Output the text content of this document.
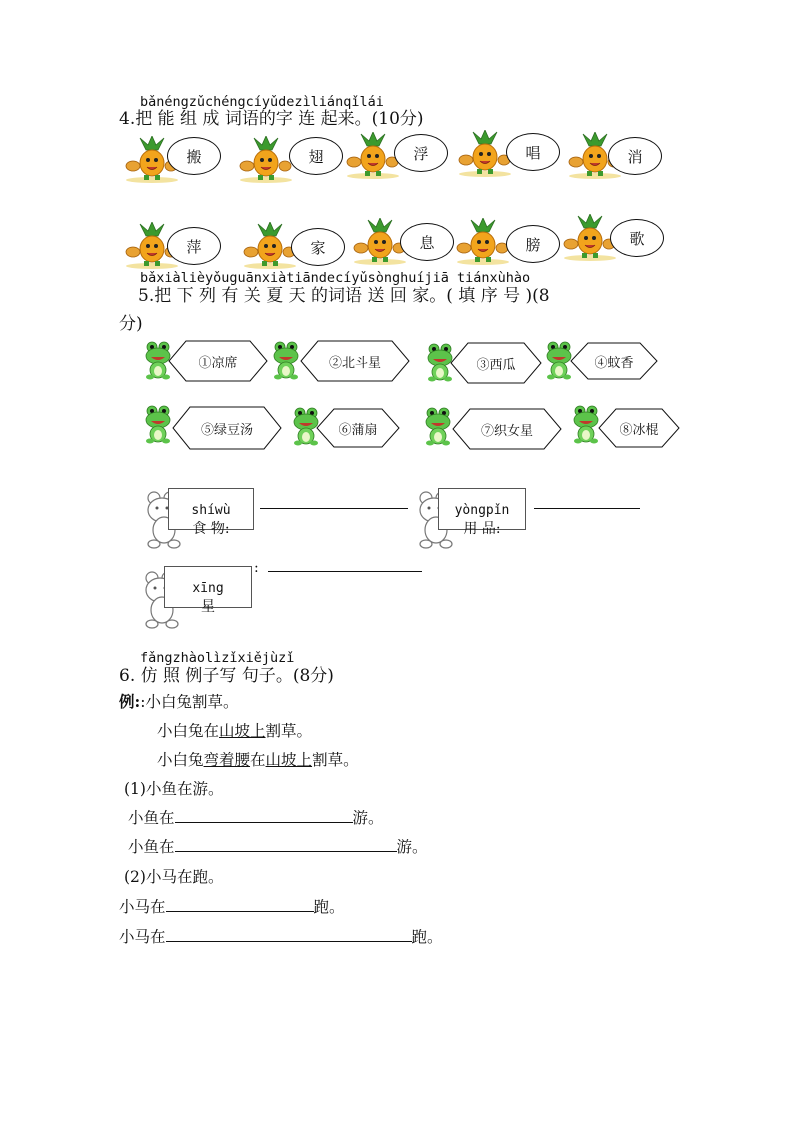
bǎnéngzǔchéngcíyǔdezìliánqǐlái
4.把 能 组 成 词语的字 连 起来。(10分)
搬	翅	浮	唱	消
萍	家	息	膀	歌
bǎxiàlièyǒuguānxiàtiāndecíyǔsònghuíjiā tiánxùhào
5.把 下 列 有 关 夏 天 的词语 送 回 家。( 填 序 号 )(8
分)
①凉席	②北斗星	③西瓜	④蚊香
⑤绿豆汤	⑥蒲扇	⑦织女星	⑧冰棍
shíwù
食 物:
yòngpǐn
用 品:
xīng
星
:
fǎngzhàolìzǐxiějùzǐ
6. 仿 照 例子写 句子。(8分)
例::小白兔割草。
小白兔在山坡上割草。
小白兔弯着腰在山坡上割草。
(1)小鱼在游。
小鱼在	游。
小鱼在	游。
(2)小马在跑。
小马在	跑。
小马在	跑。
